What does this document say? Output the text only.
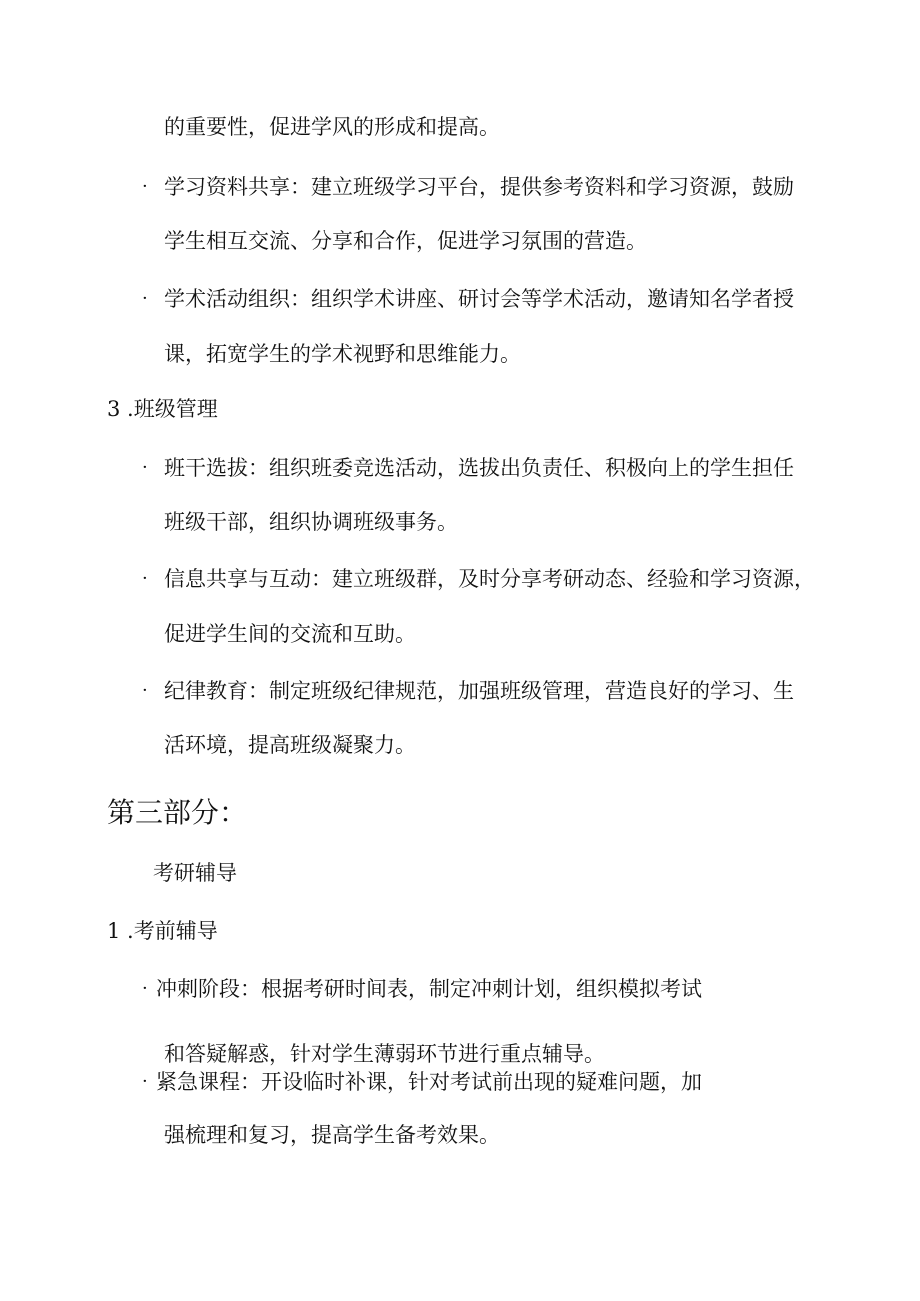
的重要性，促进学风的形成和提高。
· 学习资料共享：建立班级学习平台，提供参考资料和学习资源，鼓励
学生相互交流、分享和合作，促进学习氛围的营造。
· 学术活动组织：组织学术讲座、研讨会等学术活动，邀请知名学者授
课，拓宽学生的学术视野和思维能力。
3 .班级管理
· 班干选拔：组织班委竞选活动，选拔出负责任、积极向上的学生担任
班级干部，组织协调班级事务。
· 信息共享与互动：建立班级群，及时分享考研动态、经验和学习资源，
促进学生间的交流和互助。
· 纪律教育：制定班级纪律规范，加强班级管理，营造良好的学习、生
活环境，提高班级凝聚力。
第三部分：
考研辅导
1 .考前辅导
· 冲刺阶段：根据考研时间表，制定冲刺计划，组织模拟考试
和答疑解惑，针对学生薄弱环节进行重点辅导。
· 紧急课程：开设临时补课，针对考试前出现的疑难问题，加
强梳理和复习，提高学生备考效果。
